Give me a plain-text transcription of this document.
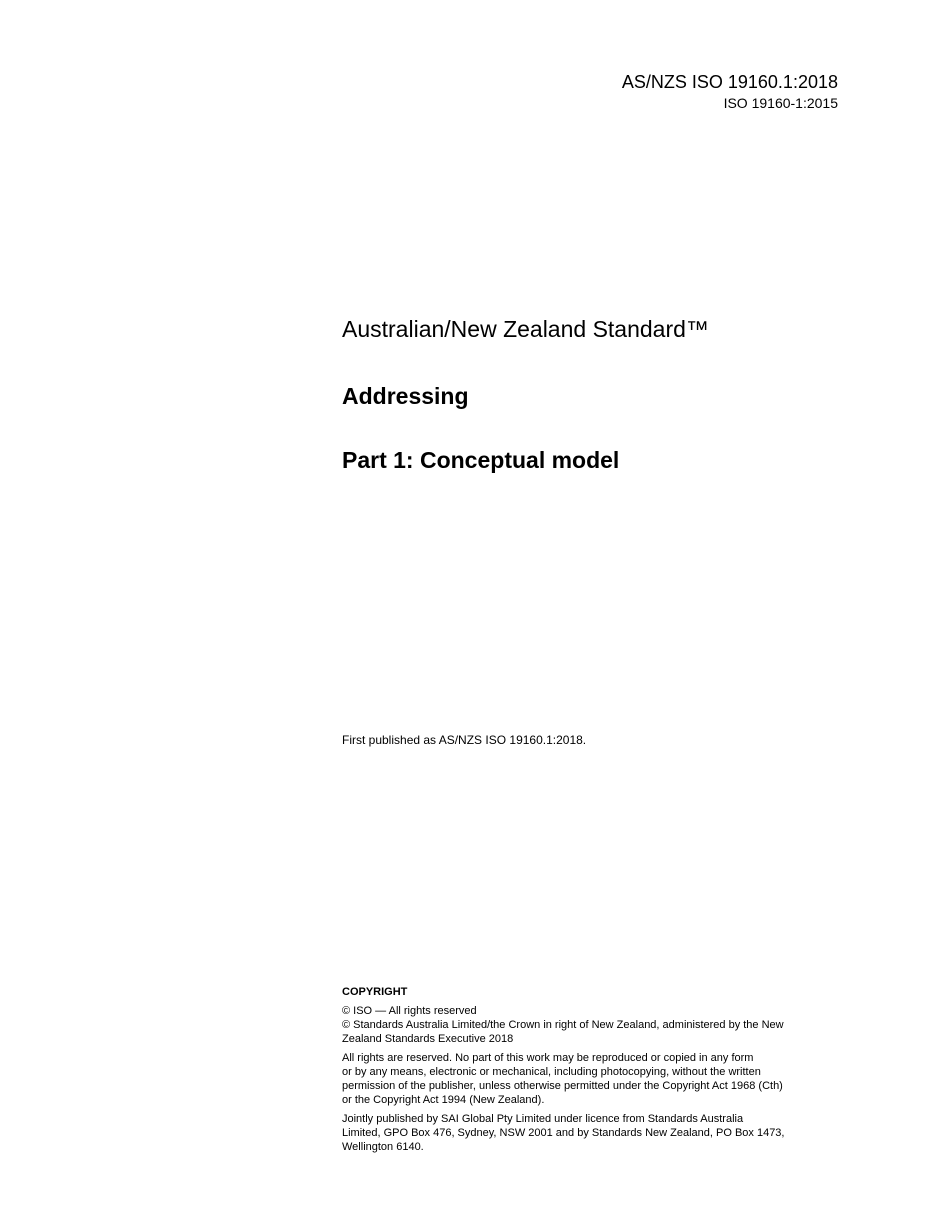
AS/NZS ISO 19160.1:2018
ISO 19160-1:2015
Australian/New Zealand Standard™
Addressing
Part 1: Conceptual model
First published as AS/NZS ISO 19160.1:2018.
COPYRIGHT
© ISO — All rights reserved
© Standards Australia Limited/the Crown in right of New Zealand, administered by the New
Zealand Standards Executive 2018
All rights are reserved. No part of this work may be reproduced or copied in any form
or by any means, electronic or mechanical, including photocopying, without the written
permission of the publisher, unless otherwise permitted under the Copyright Act 1968 (Cth)
or the Copyright Act 1994 (New Zealand).
Jointly published by SAI Global Pty Limited under licence from Standards Australia
Limited, GPO Box 476, Sydney, NSW 2001 and by Standards New Zealand, PO Box 1473,
Wellington 6140.
